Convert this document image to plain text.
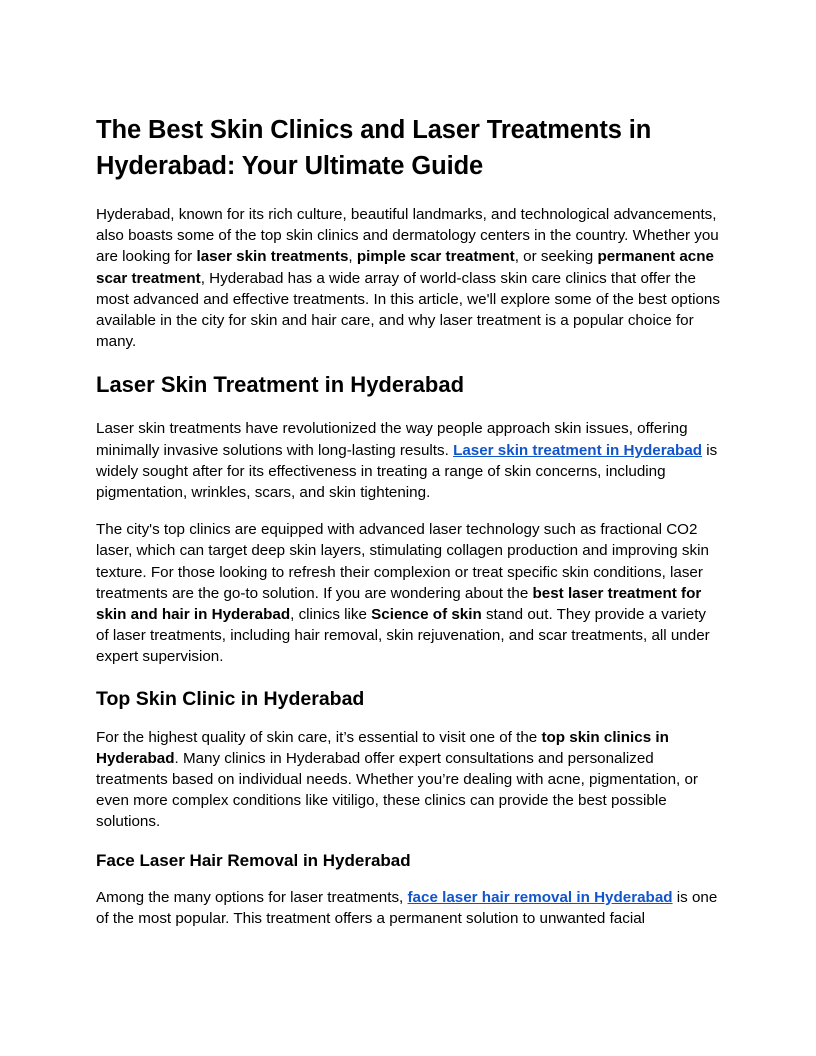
The Best Skin Clinics and Laser Treatments in Hyderabad: Your Ultimate Guide

Hyderabad, known for its rich culture, beautiful landmarks, and technological advancements, also boasts some of the top skin clinics and dermatology centers in the country. Whether you are looking for laser skin treatments, pimple scar treatment, or seeking permanent acne scar treatment, Hyderabad has a wide array of world-class skin care clinics that offer the most advanced and effective treatments. In this article, we'll explore some of the best options available in the city for skin and hair care, and why laser treatment is a popular choice for many.

Laser Skin Treatment in Hyderabad

Laser skin treatments have revolutionized the way people approach skin issues, offering minimally invasive solutions with long-lasting results. Laser skin treatment in Hyderabad is widely sought after for its effectiveness in treating a range of skin concerns, including pigmentation, wrinkles, scars, and skin tightening.

The city's top clinics are equipped with advanced laser technology such as fractional CO2 laser, which can target deep skin layers, stimulating collagen production and improving skin texture. For those looking to refresh their complexion or treat specific skin conditions, laser treatments are the go-to solution. If you are wondering about the best laser treatment for skin and hair in Hyderabad, clinics like Science of skin stand out. They provide a variety of laser treatments, including hair removal, skin rejuvenation, and scar treatments, all under expert supervision.

Top Skin Clinic in Hyderabad

For the highest quality of skin care, it’s essential to visit one of the top skin clinics in Hyderabad. Many clinics in Hyderabad offer expert consultations and personalized treatments based on individual needs. Whether you’re dealing with acne, pigmentation, or even more complex conditions like vitiligo, these clinics can provide the best possible solutions.

Face Laser Hair Removal in Hyderabad

Among the many options for laser treatments, face laser hair removal in Hyderabad is one of the most popular. This treatment offers a permanent solution to unwanted facial
